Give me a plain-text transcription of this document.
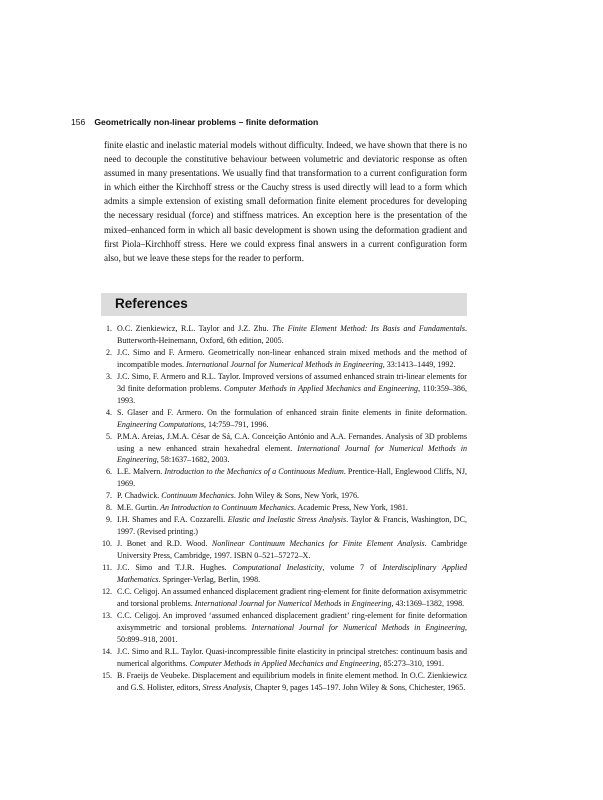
156 Geometrically non-linear problems – finite deformation

finite elastic and inelastic material models without difficulty. Indeed, we have shown that there is no need to decouple the constitutive behaviour between volumetric and deviatoric response as often assumed in many presentations. We usually find that transformation to a current configuration form in which either the Kirchhoff stress or the Cauchy stress is used directly will lead to a form which admits a simple extension of existing small deformation finite element procedures for developing the necessary residual (force) and stiffness matrices. An exception here is the presentation of the mixed–enhanced form in which all basic development is shown using the deformation gradient and first Piola–Kirchhoff stress. Here we could express final answers in a current configuration form also, but we leave these steps for the reader to perform.

References
1. O.C. Zienkiewicz, R.L. Taylor and J.Z. Zhu. The Finite Element Method: Its Basis and Fundamentals. Butterworth-Heinemann, Oxford, 6th edition, 2005.
2. J.C. Simo and F. Armero. Geometrically non-linear enhanced strain mixed methods and the method of incompatible modes. International Journal for Numerical Methods in Engineering, 33:1413–1449, 1992.
3. J.C. Simo, F. Armero and R.L. Taylor. Improved versions of assumed enhanced strain tri-linear elements for 3d finite deformation problems. Computer Methods in Applied Mechanics and Engineering, 110:359–386, 1993.
4. S. Glaser and F. Armero. On the formulation of enhanced strain finite elements in finite deformation. Engineering Computations, 14:759–791, 1996.
5. P.M.A. Areias, J.M.A. César de Sá, C.A. Conceição António and A.A. Fernandes. Analysis of 3D problems using a new enhanced strain hexahedral element. International Journal for Numerical Methods in Engineering, 58:1637–1682, 2003.
6. L.E. Malvern. Introduction to the Mechanics of a Continuous Medium. Prentice-Hall, Englewood Cliffs, NJ, 1969.
7. P. Chadwick. Continuum Mechanics. John Wiley & Sons, New York, 1976.
8. M.E. Gurtin. An Introduction to Continuum Mechanics. Academic Press, New York, 1981.
9. I.H. Shames and F.A. Cozzarelli. Elastic and Inelastic Stress Analysis. Taylor & Francis, Washington, DC, 1997. (Revised printing.)
10. J. Bonet and R.D. Wood. Nonlinear Continuum Mechanics for Finite Element Analysis. Cambridge University Press, Cambridge, 1997. ISBN 0–521–57272–X.
11. J.C. Simo and T.J.R. Hughes. Computational Inelasticity, volume 7 of Interdisciplinary Applied Mathematics. Springer-Verlag, Berlin, 1998.
12. C.C. Celigoj. An assumed enhanced displacement gradient ring-element for finite deformation axisymmetric and torsional problems. International Journal for Numerical Methods in Engineering, 43:1369–1382, 1998.
13. C.C. Celigoj. An improved ‘assumed enhanced displacement gradient’ ring-element for finite deformation axisymmetric and torsional problems. International Journal for Numerical Methods in Engineering, 50:899–918, 2001.
14. J.C. Simo and R.L. Taylor. Quasi-incompressible finite elasticity in principal stretches: continuum basis and numerical algorithms. Computer Methods in Applied Mechanics and Engineering, 85:273–310, 1991.
15. B. Fraeijs de Veubeke. Displacement and equilibrium models in finite element method. In O.C. Zienkiewicz and G.S. Holister, editors, Stress Analysis, Chapter 9, pages 145–197. John Wiley & Sons, Chichester, 1965.
